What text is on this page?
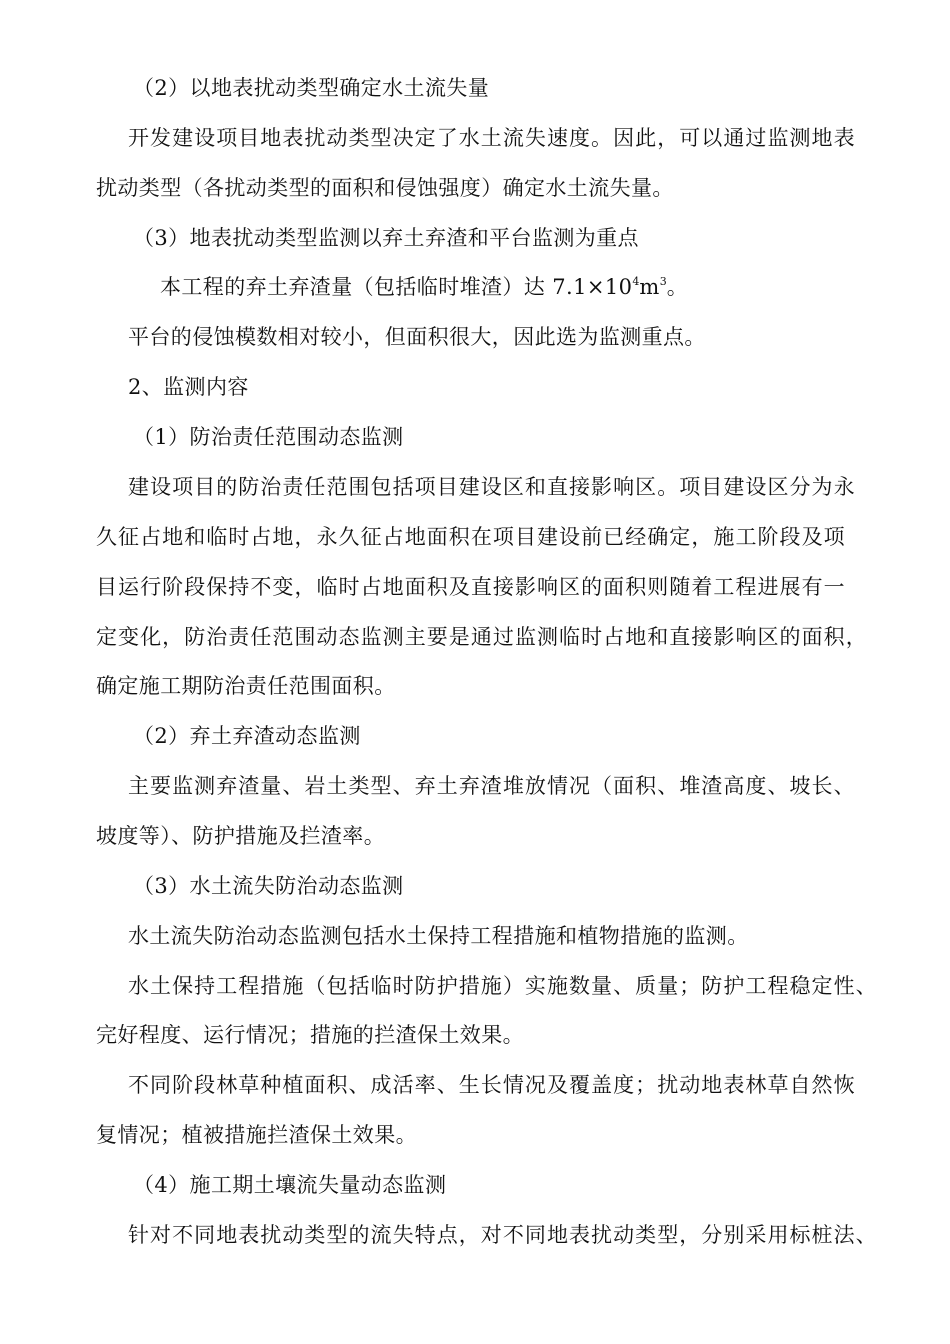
（2）以地表扰动类型确定水土流失量
开发建设项目地表扰动类型决定了水土流失速度。因此，可以通过监测地表
扰动类型（各扰动类型的面积和侵蚀强度）确定水土流失量。
（3）地表扰动类型监测以弃土弃渣和平台监测为重点
本工程的弃土弃渣量（包括临时堆渣）达 $7.1\times 10^4m^3$。
平台的侵蚀模数相对较小，但面积很大，因此选为监测重点。
2、监测内容
（1）防治责任范围动态监测
建设项目的防治责任范围包括项目建设区和直接影响区。项目建设区分为永
久征占地和临时占地，永久征占地面积在项目建设前已经确定，施工阶段及项
目运行阶段保持不变，临时占地面积及直接影响区的面积则随着工程进展有一
定变化，防治责任范围动态监测主要是通过监测临时占地和直接影响区的面积，
确定施工期防治责任范围面积。
（2）弃土弃渣动态监测
主要监测弃渣量、岩土类型、弃土弃渣堆放情况（面积、堆渣高度、坡长、
坡度等）、防护措施及拦渣率。
（3）水土流失防治动态监测
水土流失防治动态监测包括水土保持工程措施和植物措施的监测。
水土保持工程措施（包括临时防护措施）实施数量、质量；防护工程稳定性、
完好程度、运行情况；措施的拦渣保土效果。
不同阶段林草种植面积、成活率、生长情况及覆盖度；扰动地表林草自然恢
复情况；植被措施拦渣保土效果。
（4）施工期土壤流失量动态监测
针对不同地表扰动类型的流失特点，对不同地表扰动类型，分别采用标桩法、
